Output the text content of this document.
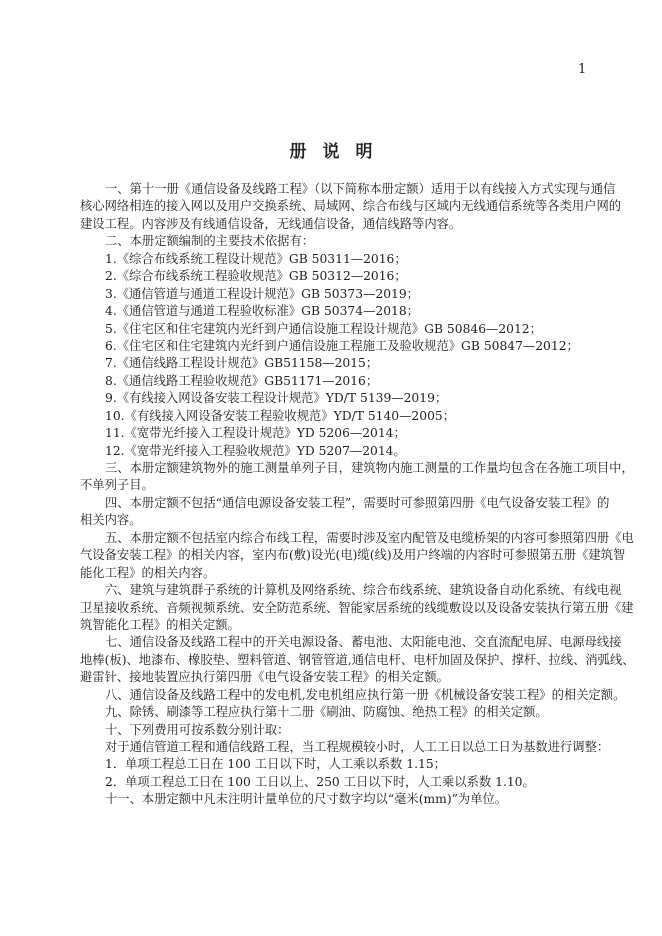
1
册说明
一、第十一册《通信设备及线路工程》（以下简称本册定额）适用于以有线接入方式实现与通信
核心网络相连的接入网以及用户交换系统、局域网、综合布线与区域内无线通信系统等各类用户网的
建设工程。内容涉及有线通信设备，无线通信设备，通信线路等内容。
二、本册定额编制的主要技术依据有：
1.《综合布线系统工程设计规范》GB 50311—2016；
2.《综合布线系统工程验收规范》GB 50312—2016；
3.《通信管道与通道工程设计规范》GB 50373—2019；
4.《通信管道与通道工程验收标准》GB 50374—2018；
5.《住宅区和住宅建筑内光纤到户通信设施工程设计规范》GB 50846—2012；
6.《住宅区和住宅建筑内光纤到户通信设施工程施工及验收规范》GB 50847—2012；
7.《通信线路工程设计规范》GB51158—2015；
8.《通信线路工程验收规范》GB51171—2016；
9.《有线接入网设备安装工程设计规范》YD/T 5139—2019；
10.《有线接入网设备安装工程验收规范》YD/T 5140—2005；
11.《宽带光纤接入工程设计规范》YD 5206—2014；
12.《宽带光纤接入工程验收规范》YD 5207—2014。
三、本册定额建筑物外的施工测量单列子目，建筑物内施工测量的工作量均包含在各施工项目中，
不单列子目。
四、本册定额不包括“通信电源设备安装工程”，需要时可参照第四册《电气设备安装工程》的
相关内容。
五、本册定额不包括室内综合布线工程，需要时涉及室内配管及电缆桥架的内容可参照第四册《电
气设备安装工程》的相关内容，室内布(敷)设光(电)缆(线)及用户终端的内容时可参照第五册《建筑智
能化工程》的相关内容。
六、建筑与建筑群子系统的计算机及网络系统、综合布线系统、建筑设备自动化系统、有线电视
卫星接收系统、音频视频系统、安全防范系统、智能家居系统的线缆敷设以及设备安装执行第五册《建
筑智能化工程》的相关定额。
七、通信设备及线路工程中的开关电源设备、蓄电池、太阳能电池、交直流配电屏、电源母线接
地棒(板)、地漆布、橡胶垫、塑料管道、钢管管道,通信电杆、电杆加固及保护、撑杆、拉线、消弧线、
避雷针、接地装置应执行第四册《电气设备安装工程》的相关定额。
八、通信设备及线路工程中的发电机,发电机组应执行第一册《机械设备安装工程》的相关定额。
九、除锈、刷漆等工程应执行第十二册《刷油、防腐蚀、绝热工程》的相关定额。
十、下列费用可按系数分别计取：
对于通信管道工程和通信线路工程，当工程规模较小时，人工工日以总工日为基数进行调整：
1．单项工程总工日在 100 工日以下时，人工乘以系数 1.15；
2．单项工程总工日在 100 工日以上、250 工日以下时，人工乘以系数 1.10。
十一、本册定额中凡未注明计量单位的尺寸数字均以“毫米(mm)”为单位。
